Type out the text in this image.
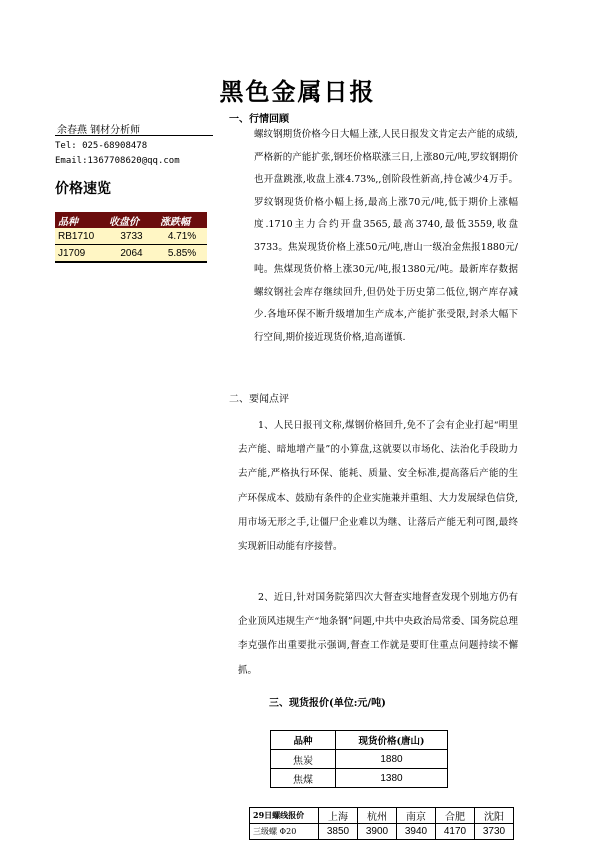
黑色金属日报
余春燕 钢材分析师
Tel: 025-68908478
Email:1367708620@qq.com
价格速览
品种	收盘价	涨跌幅
RB1710	3733	4.71%
J1709	2064	5.85%
一、行情回顾

螺纹钢期货价格今日大幅上涨,人民日报发文肯定去产能的成绩,严格新的产能扩张,钢坯价格联涨三日,上涨80元/吨,罗纹钢期价也开盘跳涨,收盘上涨4.73%,,创阶段性新高,持仓减少4万手。罗纹钢现货价格小幅上扬,最高上涨70元/吨,低于期价上涨幅度.1710主力合约开盘3565,最高3740,最低3559,收盘3733。焦炭现货价格上涨50元/吨,唐山一级冶金焦报1880元/吨。焦煤现货价格上涨30元/吨,报1380元/吨。最新库存数据螺纹钢社会库存继续回升,但仍处于历史第二低位,钢产库存减少.各地环保不断升级增加生产成本,产能扩张受限,封杀大幅下行空间,期价接近现货价格,追高谨慎.

二、要闻点评

1、人民日报刊文称,煤钢价格回升,免不了会有企业打起“明里去产能、暗地增产量”的小算盘,这就要以市场化、法治化手段助力去产能,严格执行环保、能耗、质量、安全标准,提高落后产能的生产环保成本、鼓励有条件的企业实施兼并重组、大力发展绿色信贷,用市场无形之手,让僵尸企业难以为继、让落后产能无利可图,最终实现新旧动能有序接替。

2、近日,针对国务院第四次大督查实地督查发现个别地方仍有企业顶风违规生产“地条钢”问题,中共中央政治局常委、国务院总理李克强作出重要批示强调,督查工作就是要盯住重点问题持续不懈抓。

三、现货报价(单位:元/吨)
品种	现货价格(唐山)
焦炭	1880
焦煤	1380
29日螺线报价	上海	杭州	南京	合肥	沈阳
三级螺 Φ20	3850	3900	3940	4170	3730
